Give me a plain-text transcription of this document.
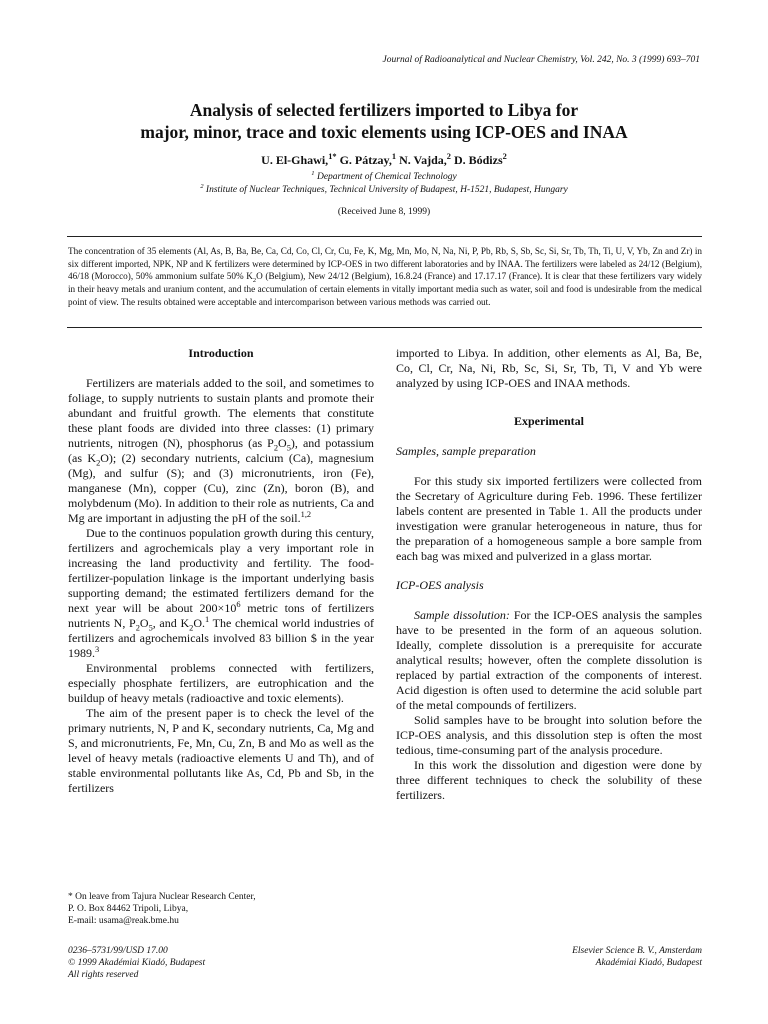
Journal of Radioanalytical and Nuclear Chemistry, Vol. 242, No. 3 (1999) 693–701
Analysis of selected fertilizers imported to Libya for
major, minor, trace and toxic elements using ICP-OES and INAA
U. El-Ghawi,$^{1*}$ G. Pátzay,$^1$ N. Vajda,$^2$ D. Bódizs$^2$
$^1$ Department of Chemical Technology
$^2$ Institute of Nuclear Techniques, Technical University of Budapest, H-1521, Budapest, Hungary
(Received June 8, 1999)
The concentration of 35 elements (Al, As, B, Ba, Be, Ca, Cd, Co, Cl, Cr, Cu, Fe, K, Mg, Mn, Mo, N, Na, Ni, P, Pb, Rb, S, Sb, Sc, Si, Sr, Tb, Th, Ti, U, V, Yb, Zn and Zr) in six different imported, NPK, NP and K fertilizers were determined by ICP-OES in two different laboratories and by INAA. The fertilizers were labeled as 24/12 (Belgium), 46/18 (Morocco), 50% ammonium sulfate 50% $K_2O$ (Belgium), New 24/12 (Belgium), 16.8.24 (France) and 17.17.17 (France). It is clear that these fertilizers vary widely in their heavy metals and uranium content, and the accumulation of certain elements in vitally important media such as water, soil and food is undesirable from the medical point of view. The results obtained were acceptable and intercomparison between various methods was carried out.
Introduction

Fertilizers are materials added to the soil, and sometimes to foliage, to supply nutrients to sustain plants and promote their abundant and fruitful growth. The elements that constitute these plant foods are divided into three classes: (1) primary nutrients, nitrogen (N), phosphorus (as $P_2O_5$), and potassium (as $K_2O$); (2) secondary nutrients, calcium (Ca), magnesium (Mg), and sulfur (S); and (3) micronutrients, iron (Fe), manganese (Mn), copper (Cu), zinc (Zn), boron (B), and molybdenum (Mo). In addition to their role as nutrients, Ca and Mg are important in adjusting the pH of the soil.$^{1,2}$

Due to the continuos population growth during this century, fertilizers and agrochemicals play a very important role in increasing the land productivity and fertility. The food-fertilizer-population linkage is the important underlying basis supporting demand; the estimated fertilizers demand for the next year will be about $200\times 10^6$ metric tons of fertilizers nutrients N, $P_2O_5$, and $K_2O.^1$ The chemical world industries of fertilizers and agrochemicals involved 83 billion $ in the year 1989.$^3$

Environmental problems connected with fertilizers, especially phosphate fertilizers, are eutrophication and the buildup of heavy metals (radioactive and toxic elements).

The aim of the present paper is to check the level of the primary nutrients, N, P and K, secondary nutrients, Ca, Mg and S, and micronutrients, Fe, Mn, Cu, Zn, B and Mo as well as the level of heavy metals (radioactive elements U and Th), and of stable environmental pollutants like As, Cd, Pb and Sb, in the fertilizers

imported to Libya. In addition, other elements as Al, Ba, Be, Co, Cl, Cr, Na, Ni, Rb, Sc, Si, Sr, Tb, Ti, V and Yb were analyzed by using ICP-OES and INAA methods.

Experimental
Samples, sample preparation

For this study six imported fertilizers were collected from the Secretary of Agriculture during Feb. 1996. These fertilizer labels content are presented in Table 1. All the products under investigation were granular heterogeneous in nature, thus for the preparation of a homogeneous sample a bore sample from each bag was mixed and pulverized in a glass mortar.

ICP-OES analysis

Sample dissolution: For the ICP-OES analysis the samples have to be presented in the form of an aqueous solution. Ideally, complete dissolution is a prerequisite for accurate analytical results; however, often the complete dissolution is replaced by partial extraction of the components of interest. Acid digestion is often used to determine the acid soluble part of the metal compounds of fertilizers.

Solid samples have to be brought into solution before the ICP-OES analysis, and this dissolution step is often the most tedious, time-consuming part of the analysis procedure.

In this work the dissolution and digestion were done by three different techniques to check the solubility of these fertilizers.

* On leave from Tajura Nuclear Research Center,
P. O. Box 84462 Tripoli, Libya,
E-mail: usama@reak.bme.hu
0236–5731/99/USD 17.00
© 1999 Akadémiai Kiadó, Budapest
All rights reserved
Elsevier Science B. V., Amsterdam
Akadémiai Kiadó, Budapest
